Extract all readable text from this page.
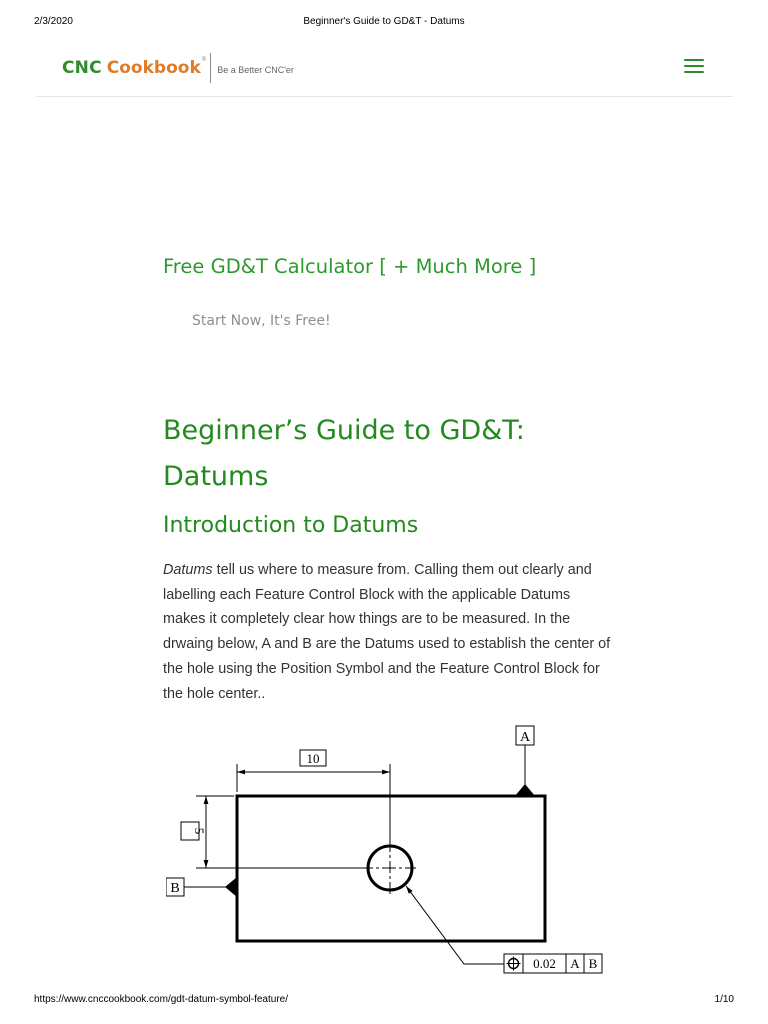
2/3/2020	Beginner's Guide to GD&T - Datums
CNC Cookbook ®
Be a Better CNC'er
Free GD&T Calculator [ + Much More ]
Start Now, It's Free!
Beginner’s Guide to GD&T: Datums
Introduction to Datums
Datums tell us where to measure from. Calling them out clearly and labelling each Feature Control Block with the applicable Datums makes it completely clear how things are to be measured. In the drwaing below, A and B are the Datums used to establish the center of the hole using the Position Symbol and the Feature Control Block for the hole center..
10
5
A
B
0.02 A B
https://www.cnccookbook.com/gdt-datum-symbol-feature/	1/10
